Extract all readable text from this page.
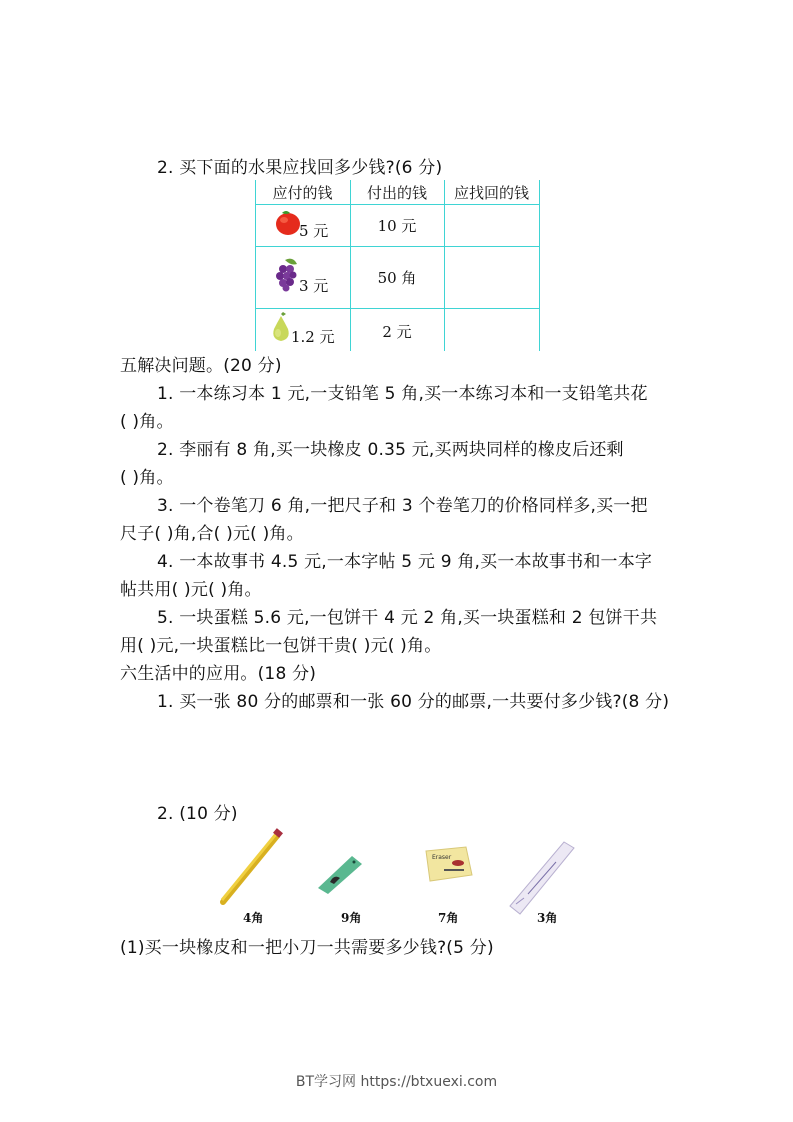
2. 买下面的水果应找回多少钱?(6 分)
应付的钱 付出的钱 应找回的钱
5 元	10 元
3 元	50 角
1.2 元	2 元
五解决问题。(20 分)
1. 一本练习本 1 元,一支铅笔 5 角,买一本练习本和一支铅笔共花
( )角。
2. 李丽有 8 角,买一块橡皮 0.35 元,买两块同样的橡皮后还剩
( )角。
3. 一个卷笔刀 6 角,一把尺子和 3 个卷笔刀的价格同样多,买一把
尺子( )角,合( )元( )角。
4. 一本故事书 4.5 元,一本字帖 5 元 9 角,买一本故事书和一本字
帖共用( )元( )角。
5. 一块蛋糕 5.6 元,一包饼干 4 元 2 角,买一块蛋糕和 2 包饼干共
用( )元,一块蛋糕比一包饼干贵( )元( )角。
六生活中的应用。(18 分)
1. 买一张 80 分的邮票和一张 60 分的邮票,一共要付多少钱?(8 分)
2. (10 分)
Eraser
4角	9角	7角	3角
(1)买一块橡皮和一把小刀一共需要多少钱?(5 分)
BT学习网 https://btxuexi.com
